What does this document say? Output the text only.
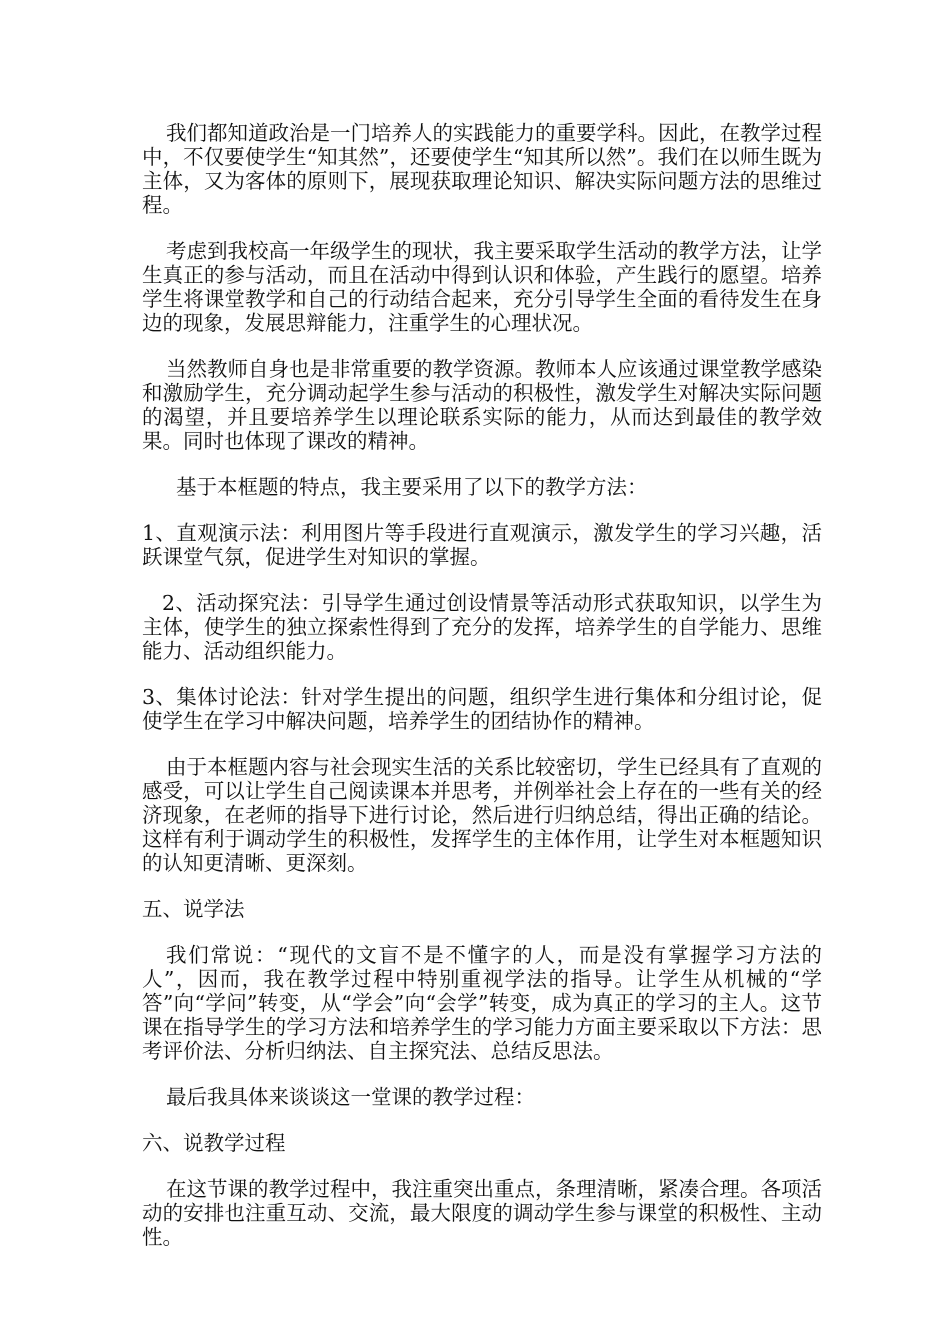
我们都知道政治是一门培养人的实践能力的重要学科。因此，在教学过程中，不仅要使学生“知其然”，还要使学生“知其所以然”。我们在以师生既为主体，又为客体的原则下，展现获取理论知识、解决实际问题方法的思维过程。

考虑到我校高一年级学生的现状，我主要采取学生活动的教学方法，让学生真正的参与活动，而且在活动中得到认识和体验，产生践行的愿望。培养学生将课堂教学和自己的行动结合起来，充分引导学生全面的看待发生在身边的现象，发展思辩能力，注重学生的心理状况。

当然教师自身也是非常重要的教学资源。教师本人应该通过课堂教学感染和激励学生，充分调动起学生参与活动的积极性，激发学生对解决实际问题的渴望，并且要培养学生以理论联系实际的能力，从而达到最佳的教学效果。同时也体现了课改的精神。

基于本框题的特点，我主要采用了以下的教学方法：

1、直观演示法：利用图片等手段进行直观演示，激发学生的学习兴趣，活跃课堂气氛，促进学生对知识的掌握。

2、活动探究法：引导学生通过创设情景等活动形式获取知识，以学生为主体，使学生的独立探索性得到了充分的发挥，培养学生的自学能力、思维能力、活动组织能力。

3、集体讨论法：针对学生提出的问题，组织学生进行集体和分组讨论，促使学生在学习中解决问题，培养学生的团结协作的精神。

由于本框题内容与社会现实生活的关系比较密切，学生已经具有了直观的感受，可以让学生自己阅读课本并思考，并例举社会上存在的一些有关的经济现象，在老师的指导下进行讨论，然后进行归纳总结，得出正确的结论。这样有利于调动学生的积极性，发挥学生的主体作用，让学生对本框题知识的认知更清晰、更深刻。

五、说学法

我们常说：“现代的文盲不是不懂字的人，而是没有掌握学习方法的人”，因而，我在教学过程中特别重视学法的指导。让学生从机械的“学答”向“学问”转变，从“学会”向“会学”转变，成为真正的学习的主人。这节课在指导学生的学习方法和培养学生的学习能力方面主要采取以下方法：思考评价法、分析归纳法、自主探究法、总结反思法。

最后我具体来谈谈这一堂课的教学过程：

六、说教学过程

在这节课的教学过程中，我注重突出重点，条理清晰，紧凑合理。各项活动的安排也注重互动、交流，最大限度的调动学生参与课堂的积极性、主动性。
